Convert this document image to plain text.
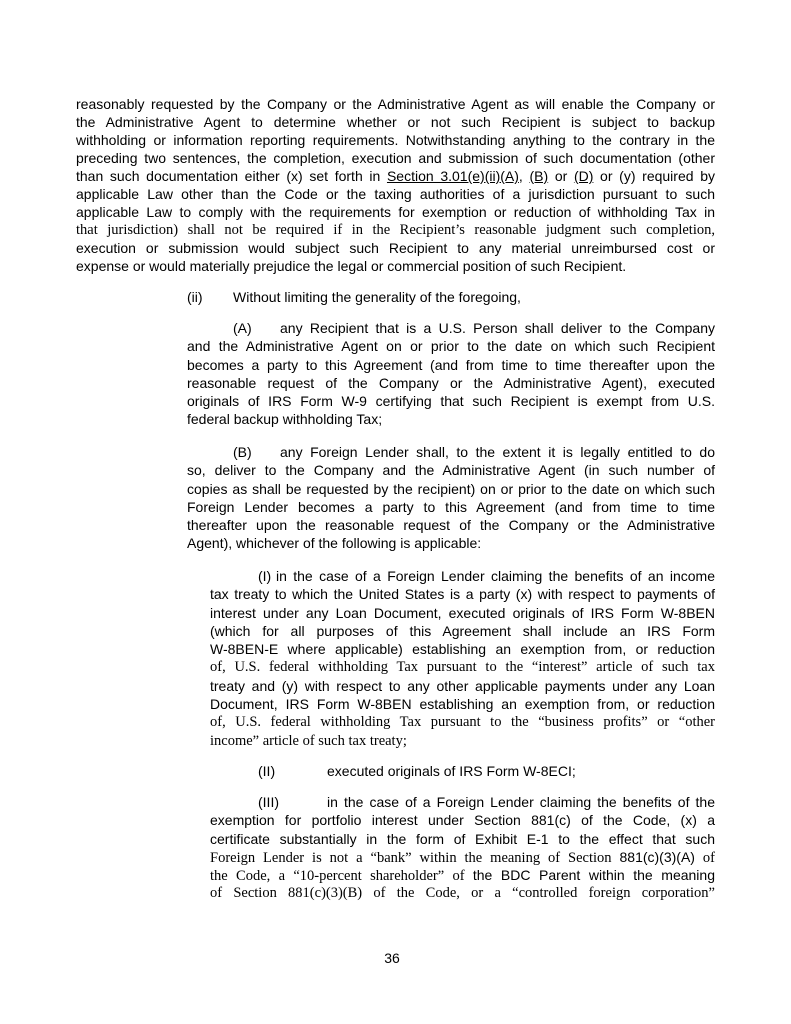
reasonably requested by the Company or the Administrative Agent as will enable the Company or
the Administrative Agent to determine whether or not such Recipient is subject to backup
withholding or information reporting requirements. Notwithstanding anything to the contrary in the
preceding two sentences, the completion, execution and submission of such documentation (other
than such documentation either (x) set forth in Section 3.01(e)(ii)(A), (B) or (D) or (y) required by
applicable Law other than the Code or the taxing authorities of a jurisdiction pursuant to such
applicable Law to comply with the requirements for exemption or reduction of withholding Tax in
that jurisdiction) shall not be required if in the Recipient’s reasonable judgment such completion,
execution or submission would subject such Recipient to any material unreimbursed cost or
expense or would materially prejudice the legal or commercial position of such Recipient.
(ii)	Without limiting the generality of the foregoing,
(A)	any Recipient that is a U.S. Person shall deliver to the Company
and the Administrative Agent on or prior to the date on which such Recipient
becomes a party to this Agreement (and from time to time thereafter upon the
reasonable request of the Company or the Administrative Agent), executed
originals of IRS Form W-9 certifying that such Recipient is exempt from U.S.
federal backup withholding Tax;
(B)	any Foreign Lender shall, to the extent it is legally entitled to do
so, deliver to the Company and the Administrative Agent (in such number of
copies as shall be requested by the recipient) on or prior to the date on which such
Foreign Lender becomes a party to this Agreement (and from time to time
thereafter upon the reasonable request of the Company or the Administrative
Agent), whichever of the following is applicable:
(I) in the case of a Foreign Lender claiming the benefits of an income
tax treaty to which the United States is a party (x) with respect to payments of
interest under any Loan Document, executed originals of IRS Form W-8BEN
(which for all purposes of this Agreement shall include an IRS Form
W-8BEN-E where applicable) establishing an exemption from, or reduction
of, U.S. federal withholding Tax pursuant to the “interest” article of such tax
treaty and (y) with respect to any other applicable payments under any Loan
Document, IRS Form W-8BEN establishing an exemption from, or reduction
of, U.S. federal withholding Tax pursuant to the “business profits” or “other
income” article of such tax treaty;
(II)	executed originals of IRS Form W-8ECI;
(III)	in the case of a Foreign Lender claiming the benefits of the
exemption for portfolio interest under Section 881(c) of the Code, (x) a
certificate substantially in the form of Exhibit E-1 to the effect that such
Foreign Lender is not a “bank” within the meaning of Section 881(c)(3)(A) of
the Code, a “10-percent shareholder” of the BDC Parent within the meaning
of Section 881(c)(3)(B) of the Code, or a “controlled foreign corporation”
36
